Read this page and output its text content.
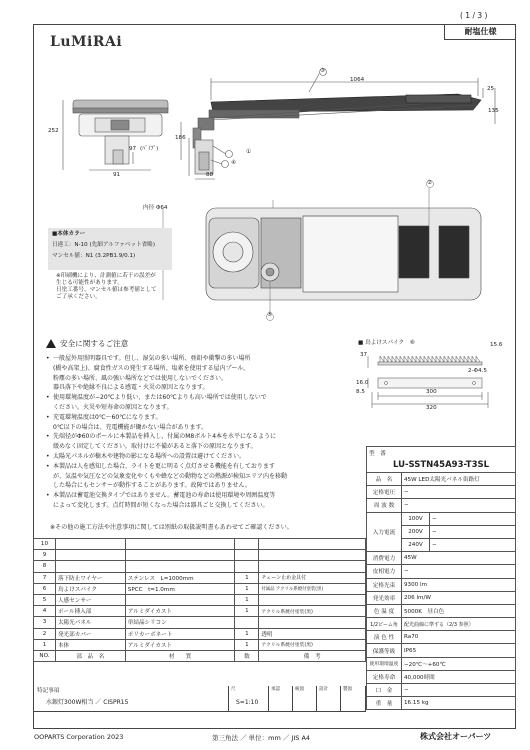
( 1 / 3 )
LuMiRAi
耐塩仕様
1064
③
25
135
252
186
97 (ﾊﾟｲﾌﾟ)
91	88
①
④
②
⑤
内径 Φ64
■本体カラー
日違工：N-10 (先細アルファベット省略)
マンセル値：N1 (3.2PB1.9/0.1)
※印刷機により、計測値に若干の誤差が
生じる可能性があります。
日塗工番号、マンセル値は参考値として
ご了承ください。
安全に関するご注意
• 一般屋外用照明器具です。但し、湿気の多い場所、亜鉛や衝撃の多い場所
(橋や高架上)、腐食性ガスの発生する場所、塩素を使用する屋内プール、
粉塵の多い場所、風の強い場所などでは使用しないでください。
器具落下や絶縁不良による感電・火災の原因となります。
• 使用環境温度が−20℃より低い、または60℃よりも高い場所では使用しないで
ください。火災や短寿命の原因となります。
• 充電環境温度は0℃〜60℃になります。
0℃以下の場合は、充電機能が働かない場合があります。
• 先端径がΦ60のポールに本製品を挿入し、付属のM8ボルト4本を水平になるように
緩めなく固定してください。取付けに不備があると落下の原因となります。
• 太陽光パネルが樹木や建物の影になる場所への設置は避けてください。
• 本製品は人を感知した場合、ライトを更に明るく点灯させる機能を有しております
が、気温や気圧などの気象変化やくもや蜂などの動物などの熱源が検知エリア内を移動
した場合にもセンサーが動作することがあります。故障ではありません。
• 本製品は蓄電池交換タイプではありません。蓄電池の寿命は使用環境や周囲温度等
によって変化します。点灯時間が短くなった場合は器具ごと交換してください。
※その他の施工方法や注意事項に関しては別紙の取扱説明書もあわせてご確認ください。
■ 鳥よけスパイク ⑥	15.6
37
2-Φ4.5
16.0
8.5	300
320
型　番		
LU-SSTN45A93-T3SL		
品　名	45W LED太陽光パネル街路灯	
定格電圧	−	
周 波 数	−	
入力電流	100V	−
	200V	−
	240V	−
消費電力	45W	
皮相電力	−	
定格光束	9300 lm	
発光効率	206 lm/W	
色 温 度	5000K　昼白色	
1/2ビーム角	配光曲線に準ずる（2/3 参照）	
演 色 性	Ra70	
保護等級	IP65	
使用環境温度	−20℃〜+60℃	
定格寿命	40,000時間	
口　金	−	
重　量	16.15 kg	
10				
9				
8				
7	落下防止ワイヤー	ステンレス　L=1000mm	1	チェーン止め金具付
6	鳥よけスパイク	SPCC　t=1.0mm	1	付属品 アクリル系焼付塗装(黒)
5	人感センサー		1	
4	ポール挿入部	アルミダイカスト	1	アクリル系焼付塗装(黒)
3	太陽光パネル	単結晶シリコン		
2	発光部カバー	ポリカーボネート	1	透明
1	本体	アルミダイカスト	1	アクリル系焼付塗装(黒)
NO.	部　品　名	材　　質	数	備　考
特記事項
水銀灯300W相当 ／ CISPR15
尺
S=1:10
承認	検図	設計	製図
OOPARTS Corporation 2023	第三角法 ／ 単位：mm ／ JIS A4	株式会社オーパーツ
